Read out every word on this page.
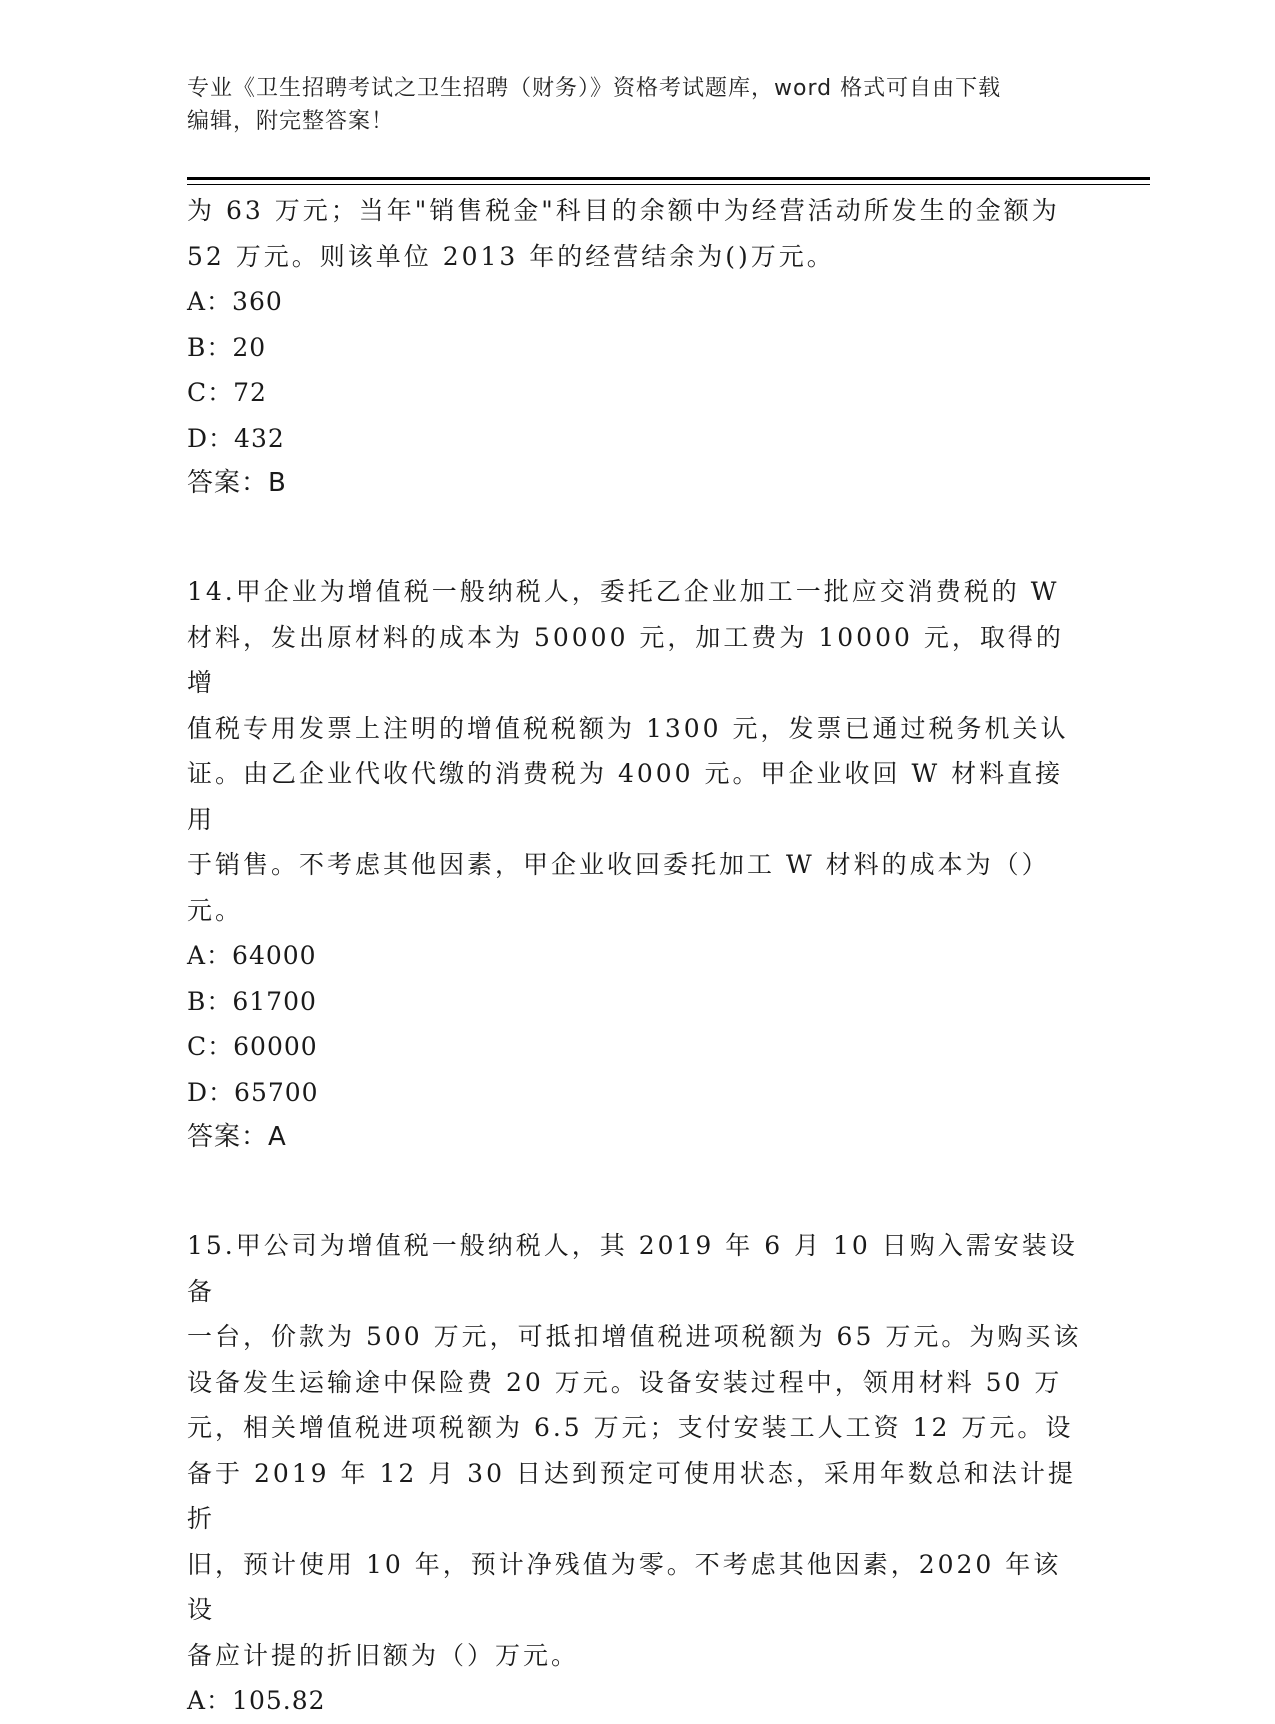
专业《卫生招聘考试之卫生招聘（财务）》资格考试题库，word 格式可自由下载
编辑，附完整答案！

为 63 万元；当年"销售税金"科目的余额中为经营活动所发生的金额为

52 万元。则该单位 2013 年的经营结余为()万元。

A：360

B：20

C：72

D：432

答案：B

14.甲企业为增值税一般纳税人，委托乙企业加工一批应交消费税的 W

材料，发出原材料的成本为 50000 元，加工费为 10000 元，取得的增

值税专用发票上注明的增值税税额为 1300 元，发票已通过税务机关认

证。由乙企业代收代缴的消费税为 4000 元。甲企业收回 W 材料直接用

于销售。不考虑其他因素，甲企业收回委托加工 W 材料的成本为（）

元。

A：64000

B：61700

C：60000

D：65700

答案：A

15.甲公司为增值税一般纳税人，其 2019 年 6 月 10 日购入需安装设备

一台，价款为 500 万元，可抵扣增值税进项税额为 65 万元。为购买该

设备发生运输途中保险费 20 万元。设备安装过程中，领用材料 50 万

元，相关增值税进项税额为 6.5 万元；支付安装工人工资 12 万元。设

备于 2019 年 12 月 30 日达到预定可使用状态，采用年数总和法计提折

旧，预计使用 10 年，预计净残值为零。不考虑其他因素，2020 年该设

备应计提的折旧额为（）万元。

A：105.82
